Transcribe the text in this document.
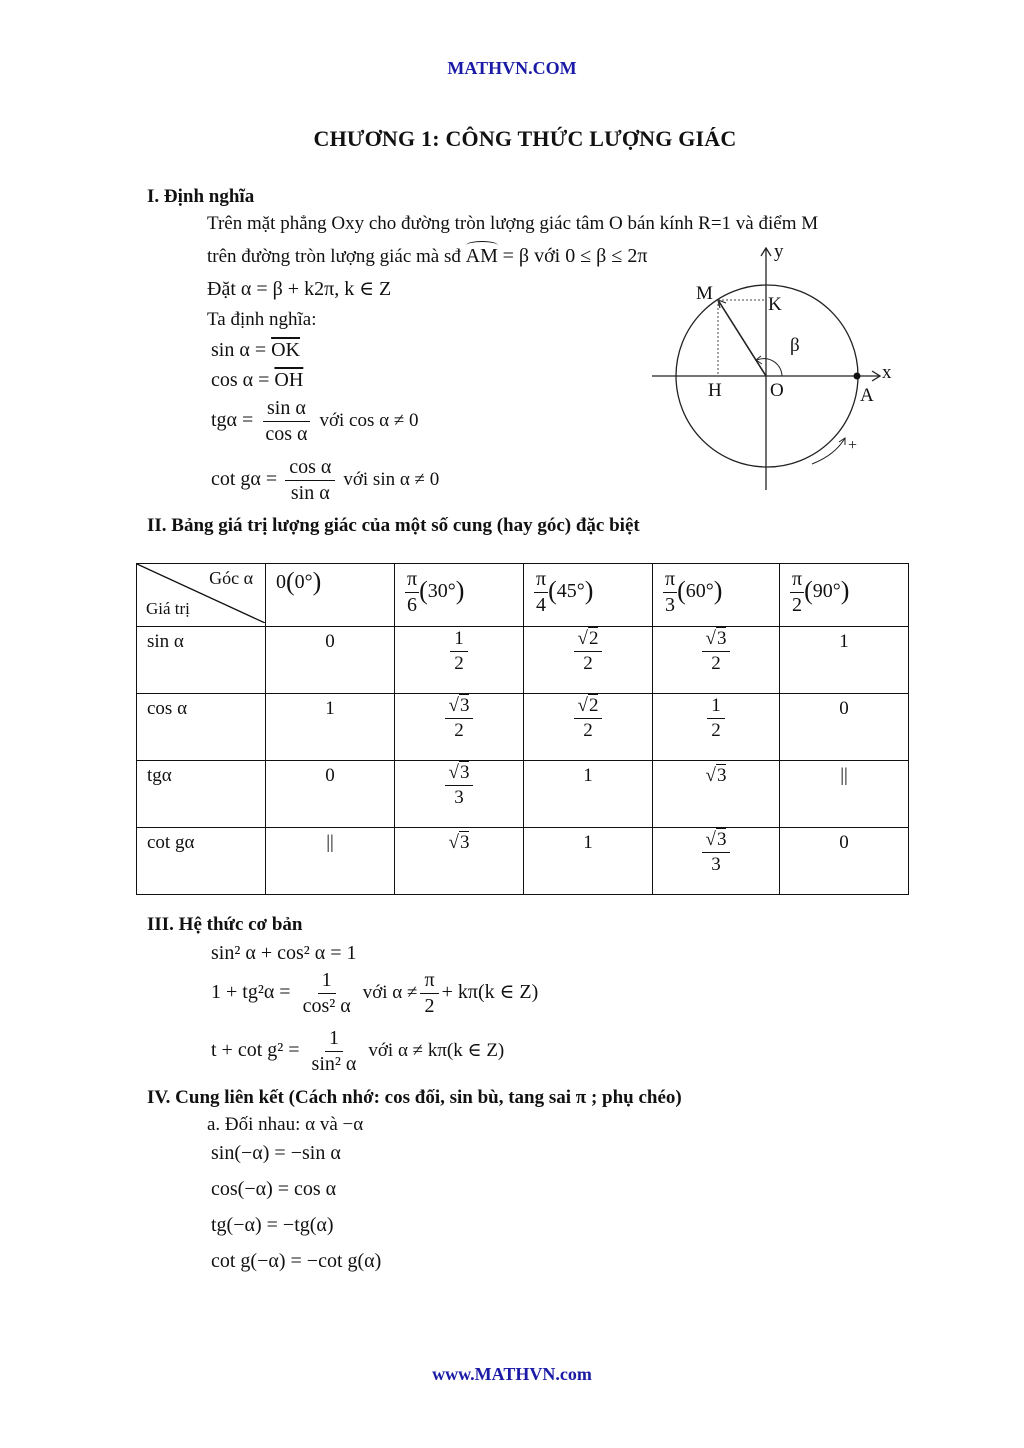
MATHVN.COM
CHƯƠNG 1: CÔNG THỨC LƯỢNG GIÁC
I. Định nghĩa
Trên mặt phẳng Oxy cho đường tròn lượng giác tâm O bán kính R=1 và điểm M
trên đường tròn lượng giác mà sđ AM = β với 0 ≤ β ≤ 2π
Đặt α = β + k2π, k ∈ Z
Ta định nghĩa:
$\sin \alpha = \overline{OK}$
$\cos \alpha = \overline{OH}$
$tg\alpha = \frac{\text{sin α}}{\text{cos α}}$ với cos α ≠ 0
$\cot g\alpha = \frac{\text{cos α}}{\text{sin α}}$ với sin α ≠ 0
y
x
M
K
H	O	A
β
+
II. Bảng giá trị lượng giác của một số cung (hay góc) đặc biệt
Góc α
Giá trị	0(0°)	$\frac{\pi}{6} (30^\circ)$	$\frac{\pi}{4} (45^\circ)$	$\frac{\pi}{3} (60^\circ)$	$\frac{\pi}{2} (90^\circ)$
sin α	0	$\frac{1}{2}$	$\frac{√2}{2}$	$\frac{√3}{2}$	1

cos α	1	$\frac{√3}{2}$	$\frac{√2}{2}$	$\frac{1}{2}$	0

tgα	0	$\frac{√3}{3}$	1	√3	||

cot gα	||	√3	1	$\frac{√3}{3}$	0
III. Hệ thức cơ bản
sin² α + cos² α = 1
$1 + tg^2\alpha = \frac{1}{\text{cos² α}}$ với $\alpha \ne \frac{\pi}{2} + k\pi(k$ ∈ Z)
$t + \cot g^2 = \frac{1}{\text{sin² α}}$ với α ≠ kπ(k ∈ Z)
IV. Cung liên kết (Cách nhớ: cos đối, sin bù, tang sai π ; phụ chéo)
a. Đối nhau: α và −α
sin(−α) = −sin α
cos(−α) = cos α
tg(−α) = −tg(α)
cot g(−α) = −cot g(α)
www.MATHVN.com
